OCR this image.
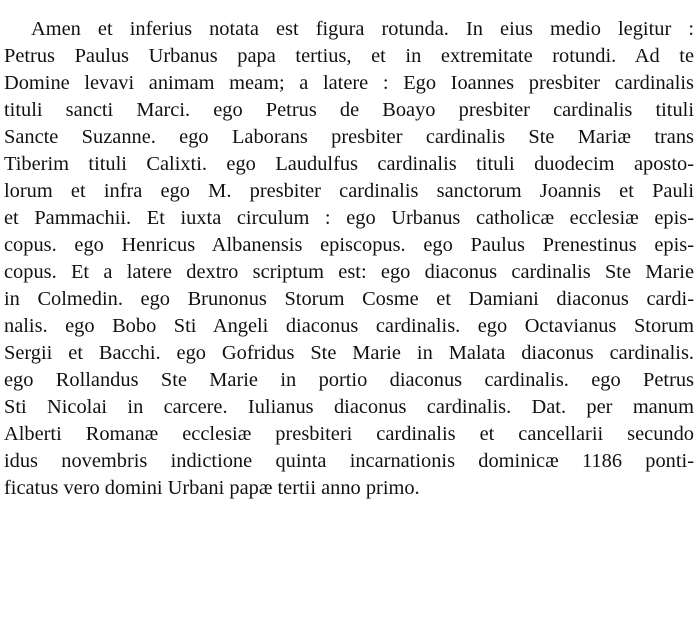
Amen et inferius notata est figura rotunda. In eius medio legitur :
Petrus Paulus Urbanus papa tertius, et in extremitate rotundi. Ad te
Domine levavi animam meam; a latere : Ego Ioannes presbiter cardinalis
tituli sancti Marci. ego Petrus de Boayo presbiter cardinalis tituli
Sancte Suzanne. ego Laborans presbiter cardinalis Ste Mariæ trans
Tiberim tituli Calixti. ego Laudulfus cardinalis tituli duodecim aposto-
lorum et infra ego M. presbiter cardinalis sanctorum Joannis et Pauli
et Pammachii. Et iuxta circulum : ego Urbanus catholicæ ecclesiæ epis-
copus. ego Henricus Albanensis episcopus. ego Paulus Prenestinus epis-
copus. Et a latere dextro scriptum est: ego diaconus cardinalis Ste Marie
in Colmedin. ego Brunonus Storum Cosme et Damiani diaconus cardi-
nalis. ego Bobo Sti Angeli diaconus cardinalis. ego Octavianus Storum
Sergii et Bacchi. ego Gofridus Ste Marie in Malata diaconus cardinalis.
ego Rollandus Ste Marie in portio diaconus cardinalis. ego Petrus
Sti Nicolai in carcere. Iulianus diaconus cardinalis. Dat. per manum
Alberti Romanæ ecclesiæ presbiteri cardinalis et cancellarii secundo
idus novembris indictione quinta incarnationis dominicæ 1186 ponti-
ficatus vero domini Urbani papæ tertii anno primo.
